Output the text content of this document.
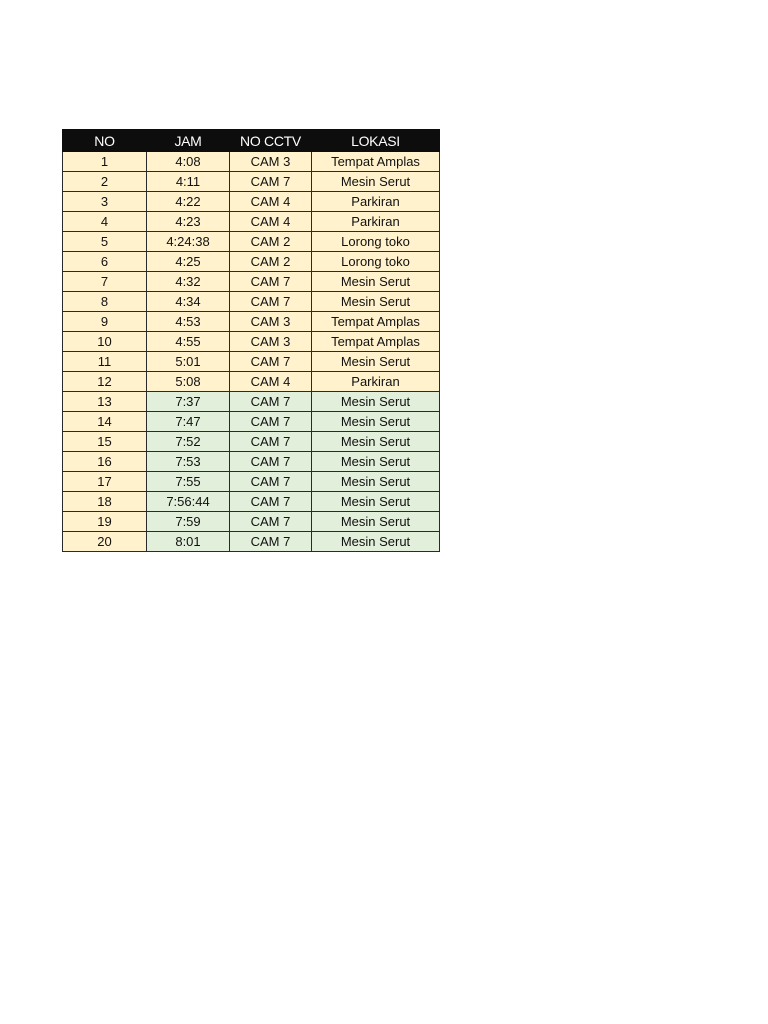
NO	JAM	NO CCTV	LOKASI
1	4:08	CAM 3	Tempat Amplas
2	4:11	CAM 7	Mesin Serut
3	4:22	CAM 4	Parkiran
4	4:23	CAM 4	Parkiran
5	4:24:38	CAM 2	Lorong toko
6	4:25	CAM 2	Lorong toko
7	4:32	CAM 7	Mesin Serut
8	4:34	CAM 7	Mesin Serut
9	4:53	CAM 3	Tempat Amplas
10	4:55	CAM 3	Tempat Amplas
11	5:01	CAM 7	Mesin Serut
12	5:08	CAM 4	Parkiran
13	7:37	CAM 7	Mesin Serut
14	7:47	CAM 7	Mesin Serut
15	7:52	CAM 7	Mesin Serut
16	7:53	CAM 7	Mesin Serut
17	7:55	CAM 7	Mesin Serut
18	7:56:44	CAM 7	Mesin Serut
19	7:59	CAM 7	Mesin Serut
20	8:01	CAM 7	Mesin Serut
